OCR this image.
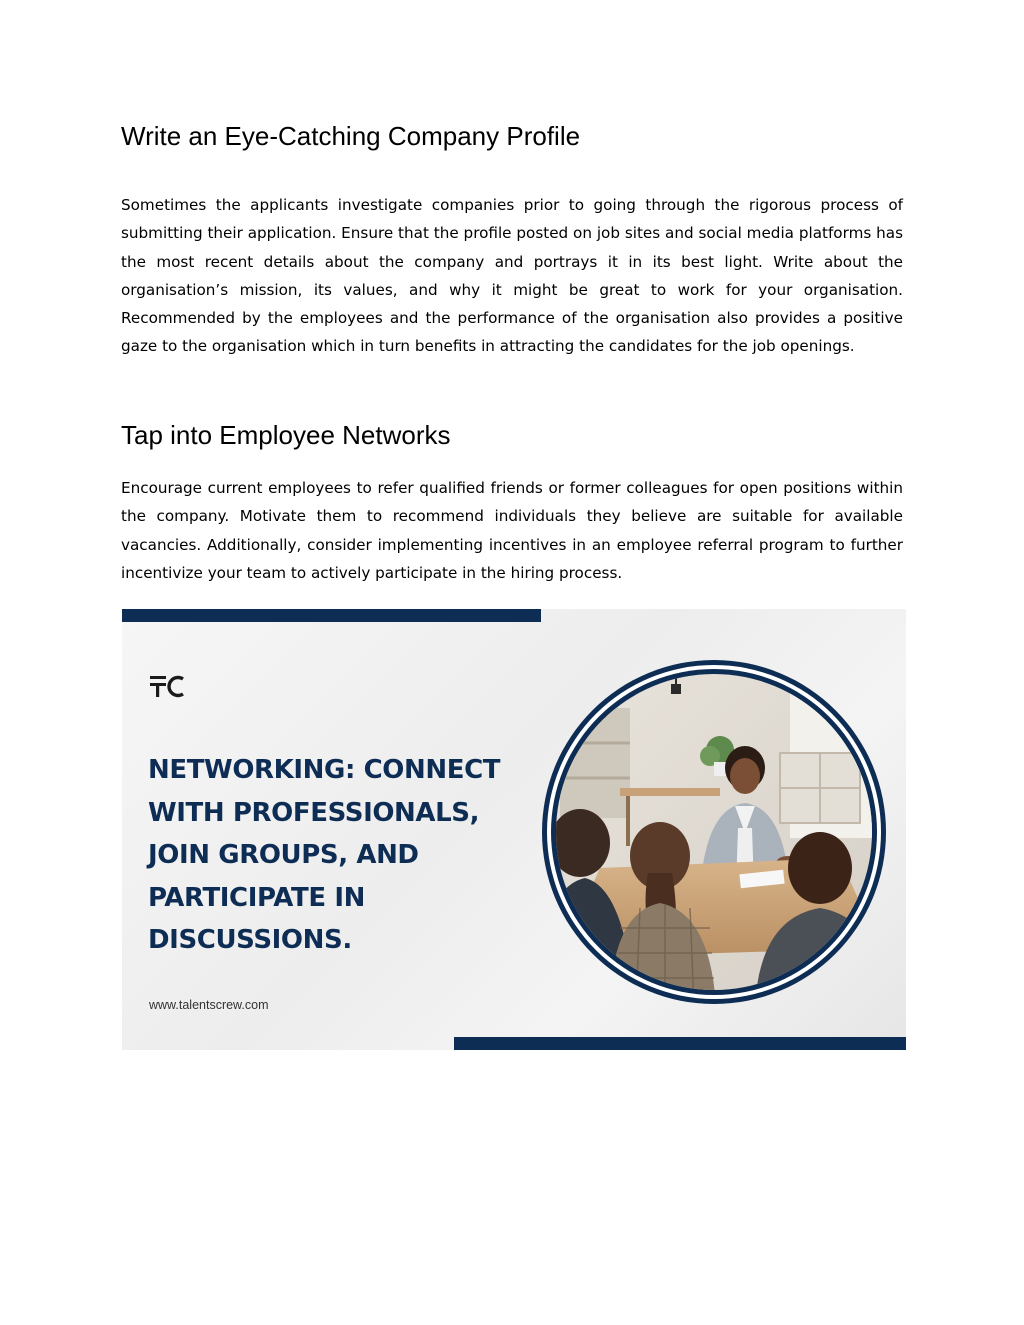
Write an Eye-Catching Company Profile

Sometimes the applicants investigate companies prior to going through the rigorous process of submitting their application. Ensure that the profile posted on job sites and social media platforms has the most recent details about the company and portrays it in its best light. Write about the organisation’s mission, its values, and why it might be great to work for your organisation. Recommended by the employees and the performance of the organisation also provides a positive gaze to the organisation which in turn benefits in attracting the candidates for the job openings.

Tap into Employee Networks

Encourage current employees to refer qualified friends or former colleagues for open positions within the company. Motivate them to recommend individuals they believe are suitable for available vacancies. Additionally, consider implementing incentives in an employee referral program to further incentivize your team to actively participate in the hiring process.

NETWORKING: CONNECT
WITH PROFESSIONALS,
JOIN GROUPS, AND
PARTICIPATE IN
DISCUSSIONS.
www.talentscrew.com
